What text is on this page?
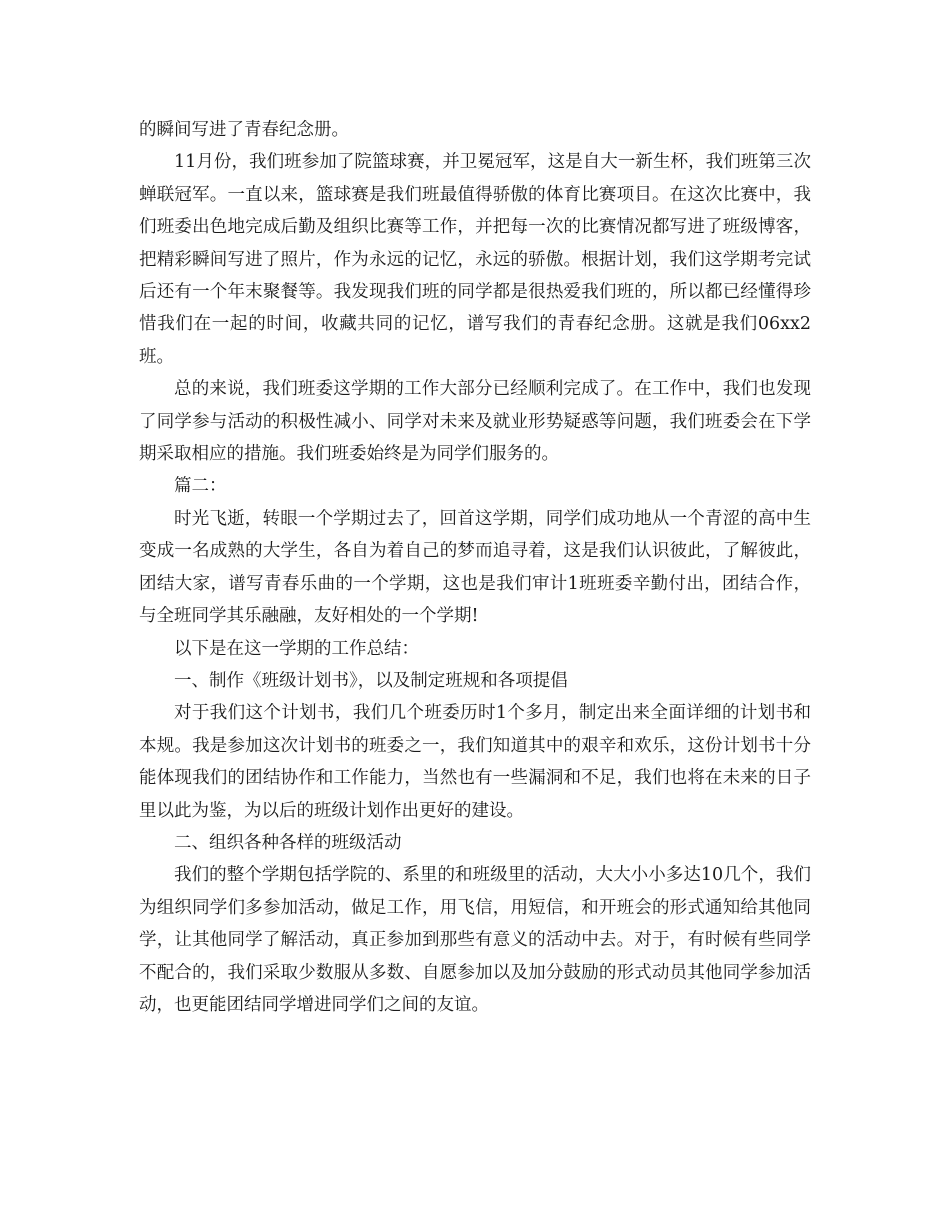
的瞬间写进了青春纪念册。

11月份，我们班参加了院篮球赛，并卫冕冠军，这是自大一新生杯，我们班第三次蝉联冠军。一直以来，篮球赛是我们班最值得骄傲的体育比赛项目。在这次比赛中，我们班委出色地完成后勤及组织比赛等工作，并把每一次的比赛情况都写进了班级博客，把精彩瞬间写进了照片，作为永远的记忆，永远的骄傲。根据计划，我们这学期考完试后还有一个年末聚餐等。我发现我们班的同学都是很热爱我们班的，所以都已经懂得珍惜我们在一起的时间，收藏共同的记忆，谱写我们的青春纪念册。这就是我们06xx2班。

总的来说，我们班委这学期的工作大部分已经顺利完成了。在工作中，我们也发现了同学参与活动的积极性减小、同学对未来及就业形势疑惑等问题，我们班委会在下学期采取相应的措施。我们班委始终是为同学们服务的。

篇二：

时光飞逝，转眼一个学期过去了，回首这学期，同学们成功地从一个青涩的高中生变成一名成熟的大学生，各自为着自己的梦而追寻着，这是我们认识彼此，了解彼此，团结大家，谱写青春乐曲的一个学期，这也是我们审计1班班委辛勤付出，团结合作，与全班同学其乐融融，友好相处的一个学期!

以下是在这一学期的工作总结：

一、制作《班级计划书》，以及制定班规和各项提倡

对于我们这个计划书，我们几个班委历时1个多月，制定出来全面详细的计划书和本规。我是参加这次计划书的班委之一，我们知道其中的艰辛和欢乐，这份计划书十分能体现我们的团结协作和工作能力，当然也有一些漏洞和不足，我们也将在未来的日子里以此为鉴，为以后的班级计划作出更好的建设。

二、组织各种各样的班级活动

我们的整个学期包括学院的、系里的和班级里的活动，大大小小多达10几个，我们为组织同学们多参加活动，做足工作，用飞信，用短信，和开班会的形式通知给其他同学，让其他同学了解活动，真正参加到那些有意义的活动中去。对于，有时候有些同学不配合的，我们采取少数服从多数、自愿参加以及加分鼓励的形式动员其他同学参加活动，也更能团结同学增进同学们之间的友谊。
